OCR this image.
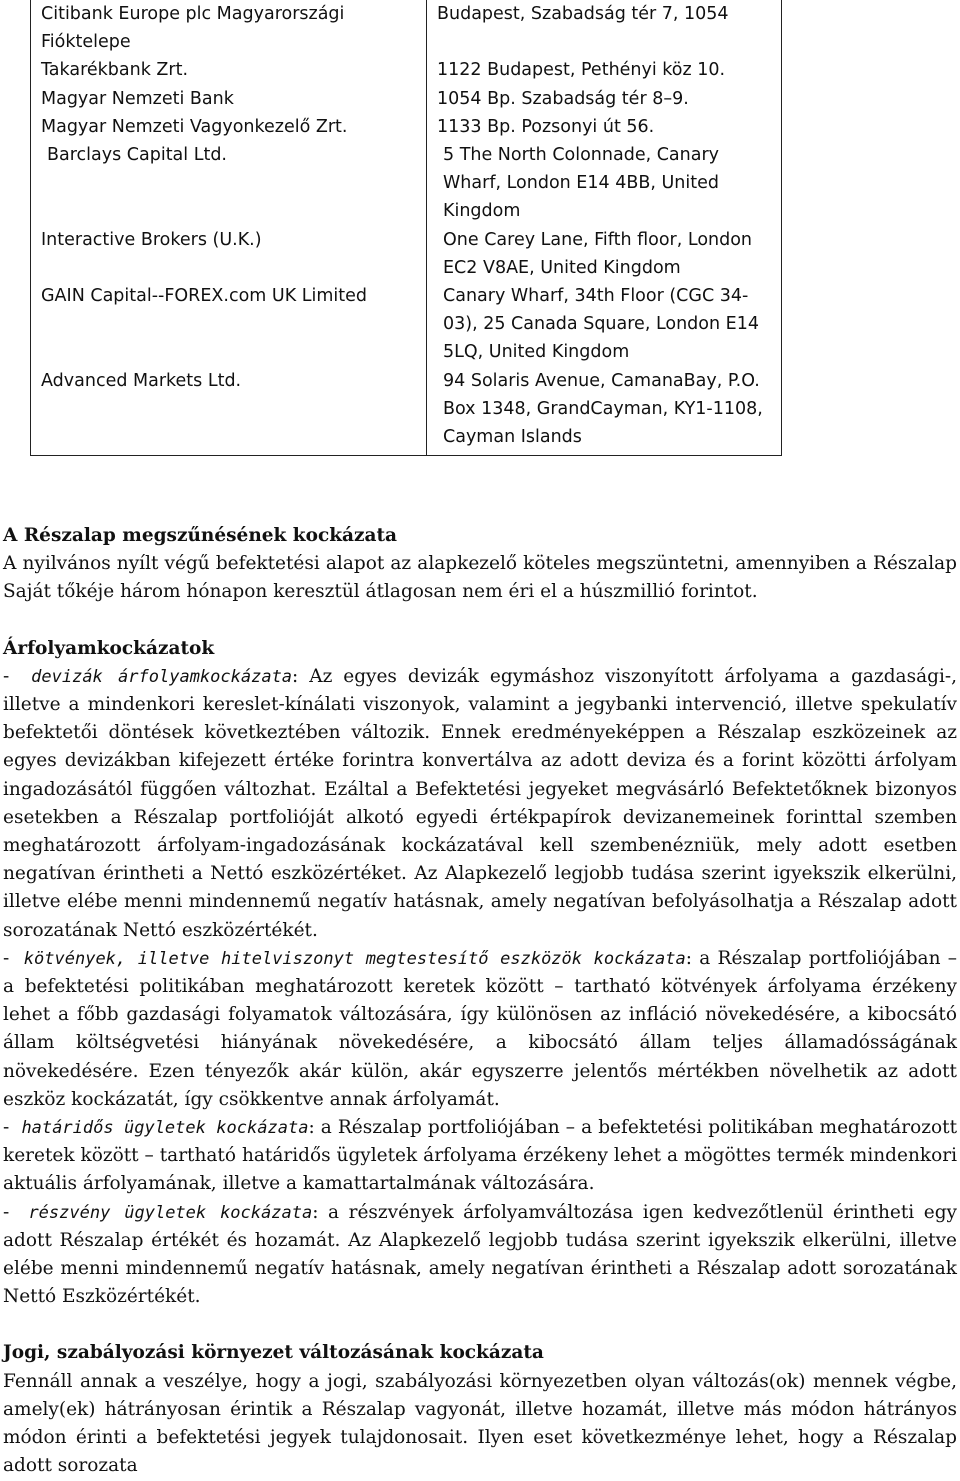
Citibank Europe plc Magyarországi Fióktelepe	Budapest, Szabadság tér 7, 1054
Takarékbank Zrt.	1122 Budapest, Pethényi köz 10.
Magyar Nemzeti Bank	1054 Bp. Szabadság tér 8–9.
Magyar Nemzeti Vagyonkezelő Zrt.	1133 Bp. Pozsonyi út 56.
Barclays Capital Ltd.	5 The North Colonnade, Canary Wharf, London E14 4BB, United Kingdom
Interactive Brokers (U.K.)	One Carey Lane, Fifth floor, London EC2 V8AE, United Kingdom
GAIN Capital--FOREX.com UK Limited	Canary Wharf, 34th Floor (CGC 34-03), 25 Canada Square, London E14 5LQ, United Kingdom
Advanced Markets Ltd.	94 Solaris Avenue, CamanaBay, P.O. Box 1348, GrandCayman, KY1-1108, Cayman Islands

A Részalap megszűnésének kockázata

A nyilvános nyílt végű befektetési alapot az alapkezelő köteles megszüntetni, amennyiben a Részalap Saját tőkéje három hónapon keresztül átlagosan nem éri el a húszmillió forintot.

Árfolyamkockázatok

- devizák árfolyamkockázata: Az egyes devizák egymáshoz viszonyított árfolyama a gazdasági-, illetve a mindenkori kereslet-kínálati viszonyok, valamint a jegybanki intervenció, illetve spekulatív befektetői döntések következtében változik. Ennek eredményeképpen a Részalap eszközeinek az egyes devizákban kifejezett értéke forintra konvertálva az adott deviza és a forint közötti árfolyam ingadozásától függően változhat. Ezáltal a Befektetési jegyeket megvásárló Befektetőknek bizonyos esetekben a Részalap portfolióját alkotó egyedi értékpapírok devizanemeinek forinttal szemben meghatározott árfolyam-ingadozásának kockázatával kell szembenézniük, mely adott esetben negatívan érintheti a Nettó eszközértéket. Az Alapkezelő legjobb tudása szerint igyekszik elkerülni, illetve elébe menni mindennemű negatív hatásnak, amely negatívan befolyásolhatja a Részalap adott sorozatának Nettó eszközértékét.

- kötvények, illetve hitelviszonyt megtestesítő eszközök kockázata: a Részalap portfoliójában – a befektetési politikában meghatározott keretek között – tartható kötvények árfolyama érzékeny lehet a főbb gazdasági folyamatok változására, így különösen az infláció növekedésére, a kibocsátó állam költségvetési hiányának növekedésére, a kibocsátó állam teljes államadósságának növekedésére. Ezen tényezők akár külön, akár egyszerre jelentős mértékben növelhetik az adott eszköz kockázatát, így csökkentve annak árfolyamát.

- határidős ügyletek kockázata: a Részalap portfoliójában – a befektetési politikában meghatározott keretek között – tartható határidős ügyletek árfolyama érzékeny lehet a mögöttes termék mindenkori aktuális árfolyamának, illetve a kamattartalmának változására.

- részvény ügyletek kockázata: a részvények árfolyamváltozása igen kedvezőtlenül érintheti egy adott Részalap értékét és hozamát. Az Alapkezelő legjobb tudása szerint igyekszik elkerülni, illetve elébe menni mindennemű negatív hatásnak, amely negatívan érintheti a Részalap adott sorozatának Nettó Eszközértékét.

Jogi, szabályozási környezet változásának kockázata

Fennáll annak a veszélye, hogy a jogi, szabályozási környezetben olyan változás(ok) mennek végbe, amely(ek) hátrányosan érintik a Részalap vagyonát, illetve hozamát, illetve más módon hátrányos módon érinti a befektetési jegyek tulajdonosait. Ilyen eset következménye lehet, hogy a Részalap adott sorozata
